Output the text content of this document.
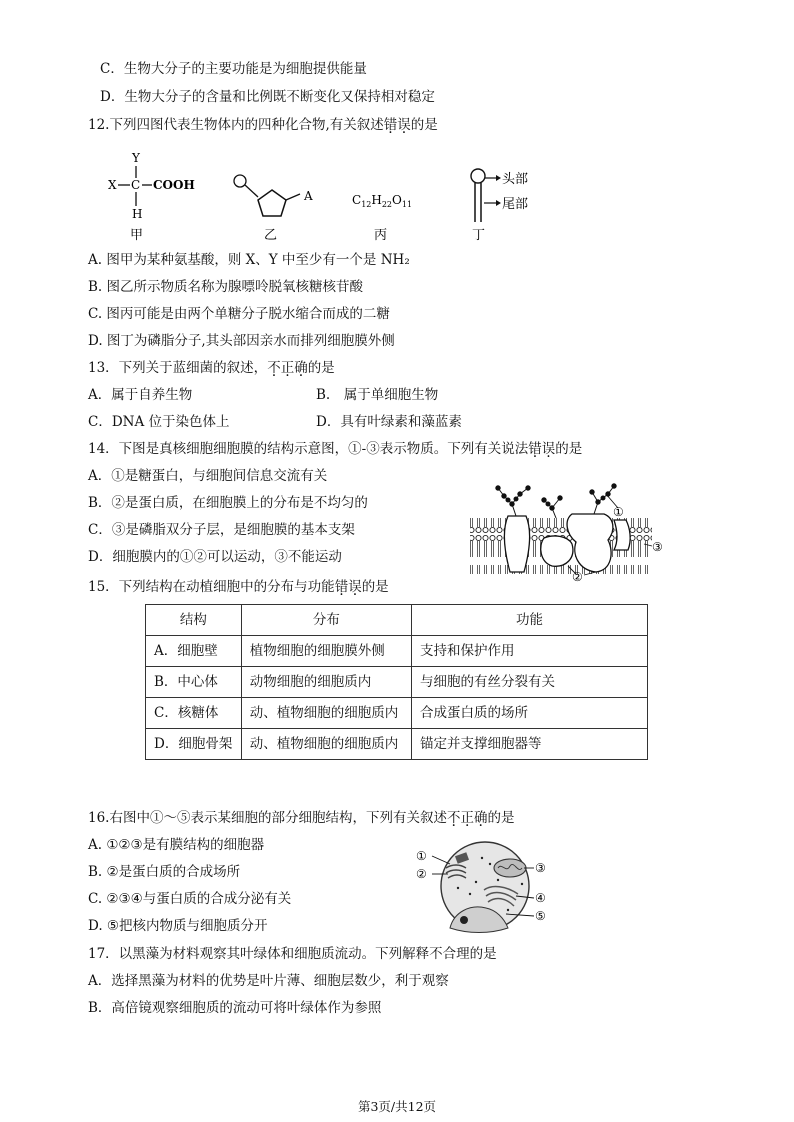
C．生物大分子的主要功能是为细胞提供能量
D．生物大分子的含量和比例既不断变化又保持相对稳定
12.下列四图代表生物体内的四种化合物,有关叙述错误的是
Y
X C COOH
H
甲
A
乙
$C_{12}H_{22}O_{11}$
丙
头部
尾部
丁
A. 图甲为某种氨基酸，则 X、Y 中至少有一个是 NH₂
B. 图乙所示物质名称为腺嘌呤脱氧核糖核苷酸
C. 图丙可能是由两个单糖分子脱水缩合而成的二糖
D. 图丁为磷脂分子,其头部因亲水而排列细胞膜外侧
13．下列关于蓝细菌的叙述，不正确的是
A．属于自养生物	B.　属于单细胞生物
C．DNA 位于染色体上	D．具有叶绿素和藻蓝素
14．下图是真核细胞细胞膜的结构示意图，①-③表示物质。下列有关说法错误的是
A．①是糖蛋白，与细胞间信息交流有关
B．②是蛋白质，在细胞膜上的分布是不均匀的
C．③是磷脂双分子层，是细胞膜的基本支架
D．细胞膜内的①②可以运动，③不能运动
①
②
③
15．下列结构在动植细胞中的分布与功能错误的是
结构	分布	功能
A．细胞壁	植物细胞的细胞膜外侧	支持和保护作用
B．中心体	动物细胞的细胞质内	与细胞的有丝分裂有关
C．核糖体	动、植物细胞的细胞质内	合成蛋白质的场所
D．细胞骨架	动、植物细胞的细胞质内	锚定并支撑细胞器等
16.右图中①～⑤表示某细胞的部分细胞结构，下列有关叙述不正确的是
A. ①②③是有膜结构的细胞器
B. ②是蛋白质的合成场所
C. ②③④与蛋白质的合成分泌有关
D. ⑤把核内物质与细胞质分开
①
②	③
④
⑤
17．以黑藻为材料观察其叶绿体和细胞质流动。下列解释不合理的是
A．选择黑藻为材料的优势是叶片薄、细胞层数少，利于观察
B．高倍镜观察细胞质的流动可将叶绿体作为参照
第3页/共12页
